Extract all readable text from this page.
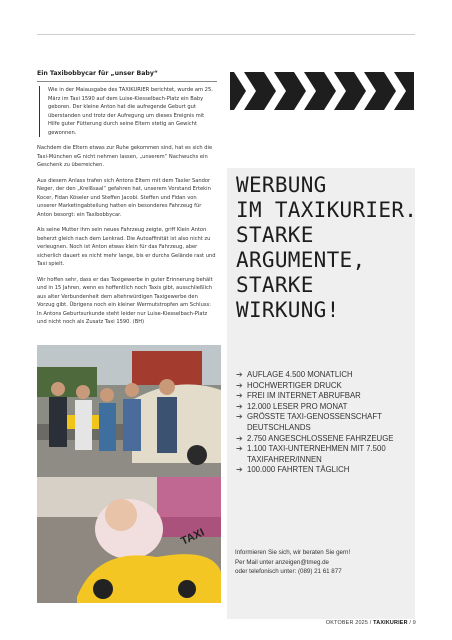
Ein Taxibobbycar für „unser Baby“

Wie in der Maiausgabe des TAXIKURIER berichtet, wurde am 25. März im Taxi 1590 auf dem Luise-Kiesselbach-Platz ein Baby geboren. Der kleine Anton hat die aufregende Geburt gut überstanden und trotz der Aufregung um dieses Ereignis mit Hilfe guter Fütterung durch seine Eltern stetig an Gewicht gewonnen.

Nachdem die Eltern etwas zur Ruhe gekommen sind, hat es sich die Taxi-München eG nicht nehmen lassen, „unserem“ Nachwuchs ein Geschenk zu überreichen.

Aus diesem Anlass trafen sich Antons Eltern mit dem Taxler Sandor Neger, der den „Kreißsaal“ gefahren hat, unserem Vorstand Ertekin Kocer, Fidan Köseler und Steffen Jacobi. Steffen und Fidan von unserer Marketingabteilung hatten ein besonderes Fahrzeug für Anton besorgt: ein Taxibobbycar.

Als seine Mutter ihm sein neues Fahrzeug zeigte, griff Klein Anton beherzt gleich nach dem Lenkrad. Die Autoaffinität ist also nicht zu verleugnen. Noch ist Anton etwas klein für das Fahrzeug, aber sicherlich dauert es nicht mehr lange, bis er durchs Gelände rast und Taxi spielt.

Wir hoffen sehr, dass er das Taxigewerbe in guter Erinnerung behält und in 15 Jahren, wenn es hoffentlich noch Taxis gibt, ausschließlich aus alter Verbundenheit dem altehrwürdigen Taxigewerbe den Vorzug gibt. Übrigens noch ein kleiner Wermutstropfen am Schluss: In Antons Geburtsurkunde steht leider nur Luise-Kiesselbach-Platz und nicht noch als Zusatz Taxi 1590. (BH)

TAXI
WERBUNG
IM TAXIKURIER.
STARKE
ARGUMENTE,
STARKE
WIRKUNG!
➔ AUFLAGE 4.500 MONATLICH
➔ HOCHWERTIGER DRUCK
➔ FREI IM INTERNET ABRUFBAR
➔ 12.000 LESER PRO MONAT
➔ GRÖSSTE TAXI-GENOSSENSCHAFT DEUTSCHLANDS
➔ 2.750 ANGESCHLOSSENE FAHRZEUGE
➔ 1.100 TAXI-UNTERNEHMEN MIT 7.500 TAXIFAHRER/INNEN
➔ 100.000 FAHRTEN TÄGLICH
Informieren Sie sich, wir beraten Sie gern!
Per Mail unter anzeigen@tmeg.de
oder telefonisch unter: (089) 21 61 877
OKTOBER 2025 / TAXIKURIER / 9
